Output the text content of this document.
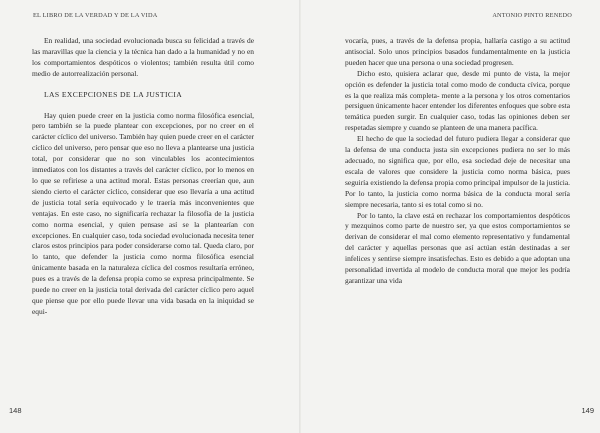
EL LIBRO DE LA VERDAD Y DE LA VIDA

En realidad, una sociedad evolucionada busca su felicidad a través de las maravillas que la ciencia y la técnica han dado a la humanidad y no en los comportamientos despóticos o violentos; también resulta útil como medio de autorrealización personal.

LAS EXCEPCIONES DE LA JUSTICIA

Hay quien puede creer en la justicia como norma filosófica esencial, pero también se la puede plantear con excepciones, por no creer en el carácter cíclico del universo. También hay quien puede creer en el carácter cíclico del universo, pero pensar que eso no lleva a plantearse una justicia total, por considerar que no son vinculables los acontecimientos inmediatos con los distantes a través del carácter cíclico, por lo menos en lo que se refiriese a una actitud moral. Estas personas creerían que, aun siendo cierto el carácter cíclico, considerar que eso llevaría a una actitud de justicia total sería equivocado y le traería más inconvenientes que ventajas. En este caso, no significaría rechazar la filosofía de la justicia como norma esencial, y quien pensase así se la plantearían con excepciones. En cualquier caso, toda sociedad evolucionada necesita tener claros estos principios para poder considerarse como tal. Queda claro, por lo tanto, que defender la justicia como norma filosófica esencial únicamente basada en la naturaleza cíclica del cosmos resultaría erróneo, pues es a través de la defensa propia como se expresa principalmente. Se puede no creer en la justicia total derivada del carácter cíclico pero aquel que piense que por ello puede llevar una vida basada en la iniquidad se equi-

148
ANTONIO PINTO RENEDO

vocaría, pues, a través de la defensa propia, hallaría castigo a su actitud antisocial. Solo unos principios basados fundamentalmente en la justicia pueden hacer que una persona o una sociedad progresen.

Dicho esto, quisiera aclarar que, desde mi punto de vista, la mejor opción es defender la justicia total como modo de conducta cívica, porque es la que realiza más completa- mente a la persona y los otros comentarios persiguen únicamente hacer entender los diferentes enfoques que sobre esta temática pueden surgir. En cualquier caso, todas las opiniones deben ser respetadas siempre y cuando se planteen de una manera pacífica.

El hecho de que la sociedad del futuro pudiera llegar a considerar que la defensa de una conducta justa sin excepciones pudiera no ser lo más adecuado, no significa que, por ello, esa sociedad deje de necesitar una escala de valores que considere la justicia como norma básica, pues seguiría existiendo la defensa propia como principal impulsor de la justicia. Por lo tanto, la justicia como norma básica de la conducta moral sería siempre necesaria, tanto si es total como si no.

Por lo tanto, la clave está en rechazar los comportamientos despóticos y mezquinos como parte de nuestro ser, ya que estos comportamientos se derivan de considerar el mal como elemento representativo y fundamental del carácter y aquellas personas que así actúan están destinadas a ser infelices y sentirse siempre insatisfechas. Esto es debido a que adoptan una personalidad invertida al modelo de conducta moral que mejor les podría garantizar una vida

149
